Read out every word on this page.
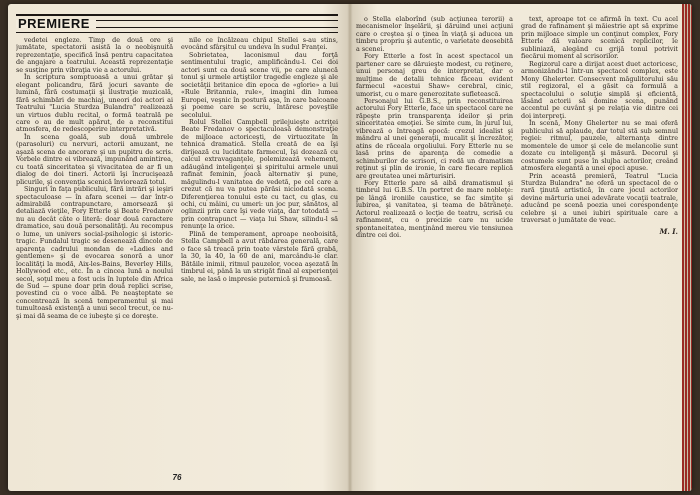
PREMIERE

vedetei engleze. Timp de două ore şi jumătate, spectatorii asistă la o neobişnuită reprezentaţie, specifică însă pentru capacitatea de angajare a teatrului. Această reprezentaţie se susţine prin vibraţia vie a actorului.

În scriptura somptuoasă a unui grătar şi elegant policandru, fără jocuri savante de lumină, fără costumaţii şi ilustraţie muzicală, fără schimbări de machiaj, uneori doi actori ai Teatrului "Lucia Sturdza Bulandra" realizează un virtuos dublu recital, o formă teatrală pe care o au de mult apărut, de a reconstitui atmosfera, de redescoperire interpretativă.

În scena goală, sub două umbrele (parasoluri) cu nervuri, actorii amuzant, ne aşază scena de ancorare şi un pupitru de scris. Vorbele dintre ei vibrează, impunând amintirea, cu toată sinceritatea şi vivacitatea de ar fi un dialog de doi tineri. Actorii îşi încrucişează plicurile, şi convenţia scenică învioreazã totul.

Singuri în faţa publicului, fără intrări şi ieşiri spectaculoase — în afara scenei — dar într-o admirabilă contrapunctare, amorsează şi detaliază vieţile, Fory Etterle şi Beate Fredanov nu au decât câte o literă: doar două caractere dramatice, sau două personalităţi. Au recompus o lume, un univers social-psihologic şi istoric-tragic. Fundalul tragic se desenează dincolo de aparenţa cadrului mondan de «Ladies and gentlemen» şi de evocarea sonoră a unor localităţi la modă, Aix-les-Bains, Beverley Hills, Hollywood etc., etc. În a cincea lună a noului secol, soţul meu a fost ucis în luptele din Africa de Sud — spune doar prin două replici scrise, povestind cu o voce albă. Pe neaşteptate se concentrează în scenă temperamentul şi mai tumultoasă existenţă a unui secol trecut, ce nu-şi mai dă seama de ce iubeşte şi ce doreşte.

nile ce încălzeau chipul Stellei s-au stins, evocând sfârşitul cu undeva în sudul Franţei.

Sobrietatea, laconismul dau forţă sentimentului tragic, amplificându-l. Cei doi actori sunt ca două scene vii, pe care alunecă tonul şi urmele artiştilor tragedie engleze şi ale societăţii britanice din epoca de «glorie» a lui «Rule Britannia, rule», imagini din lumea Europei, veşnic în postură aşa, în care balcoane şi poeme care se scriu, întăresc poveştile secolului.

Rolul Stellei Campbell prilejuieşte actriţei Beate Fredanov o spectaculoasă demonstraţie de mijloace actoriceşti, de virtuozitate în tehnica dramatică. Stella creată de ea îşi dirijează cu luciditate farmecul, îşi dozează cu calcul extravaganţele, polemizează vehement, adăugând inteligenţei şi spiritului armele unui rafinat feminin, joacă alternativ şi pune, măgulindu-l vanitatea de vedetă, pe cel care a crezut că nu va putea părăsi niciodată scena. Diferenţierea tonului este cu tact, cu glas, cu ochi, cu mâini, cu umeri: un joc pur, sănătos, al oglinzii prin care îşi vede viaţa, dar totodată — prin contrapunct — viaţa lui Shaw, silindu-l să renunţe la orice.

Plină de temperament, aproape neoboisită, Stella Campbell a avut răbdarea generală, care o face să treacă prin toate vârstele fără grabă, la 30, la 40, la 60 de ani, marcându-le clar. Bătăile inimii, ritmul pauzelor, vocea aşezată în timbrul ei, până la un strigăt final al experienţei sale, ne lasă o impresie puternică şi frumoasă.

76

o Stella elaborînd (sub acţiunea terorii) a mecanismelor înşelării, şi dăruind unei acţiuni care o creştea şi o ţinea în viaţă şi aducea un timbru propriu şi autentic, o varietate deosebită a scenei.

Fory Etterle a fost în acest spectacol un partener care se dăruieşte modest, cu reţinere, unui personaj greu de interpretat, dar o mulţime de detalii tehnice făceau evident farmecul «acestui Shaw» cerebral, cinic, umorist, cu o mare generozitate sufletească.

Personajul lui G.B.S., prin reconstituirea actorului Fory Etterle, face un spectacol care ne răpeşte prin transparenţa ideilor şi prin sinceritatea emoţiei. Se simte cum, în jurul lui, vibrează o întreagă epocă: crezul idealist şi mândru al unei generaţii, mucalit şi încrezător, atins de răceala orgoliului. Fory Etterle nu se lasă prins de aparenţa de comedie a schimburilor de scrisori, ci redă un dramatism reţinut şi plin de ironie, în care fiecare replică are greutatea unei mărturisiri.

Fory Etterle pare să aibă dramatismul şi timbrul lui G.B.S. Un portret de mare nobleţe: pe lângă ironiile caustice, se fac simţite şi iubirea, şi vanitatea, şi teama de bătrâneţe. Actorul realizează o lecţie de teatru, scrisă cu rafinament, cu o precizie care nu ucide spontaneitatea, menţinând mereu vie tensiunea dintre cei doi.

text, aproape tot ce afirmă în text. Cu acel grad de rafinament şi măiestrie apt să exprime prin mijloace simple un conţinut complex, Fory Etterle dă valoare scenică replicilor, le subliniază, alegând cu grijă tonul potrivit fiecărui moment al scrisorilor.

Regizorul care a dirijat acest duet actoricesc, armonizându-l într-un spectacol complex, este Mony Ghelerter. Consecvent măgulitorului său stil regizoral, el a găsit ca formulă a spectacolului o soluţie simplă şi eficientă, lăsând actorii să domine scena, punând accentul pe cuvânt şi pe relaţia vie dintre cei doi interpreţi.

În scenă, Mony Ghelerter nu se mai oferă publicului să aplaude, dar totul stă sub semnul regiei: ritmul, pauzele, alternanţa dintre momentele de umor şi cele de melancolie sunt dozate cu inteligenţă şi măsură. Decorul şi costumele sunt puse în slujba actorilor, creând atmosfera elegantă a unei epoci apuse.

Prin această premieră, Teatrul "Lucia Sturdza Bulandra" ne oferă un spectacol de o rară ţinută artistică, în care jocul actorilor devine mărturia unei adevărate vocaţii teatrale, aducând pe scenă poezia unei corespondenţe celebre şi a unei iubiri spirituale care a traversat o jumătate de veac.

M. I.
